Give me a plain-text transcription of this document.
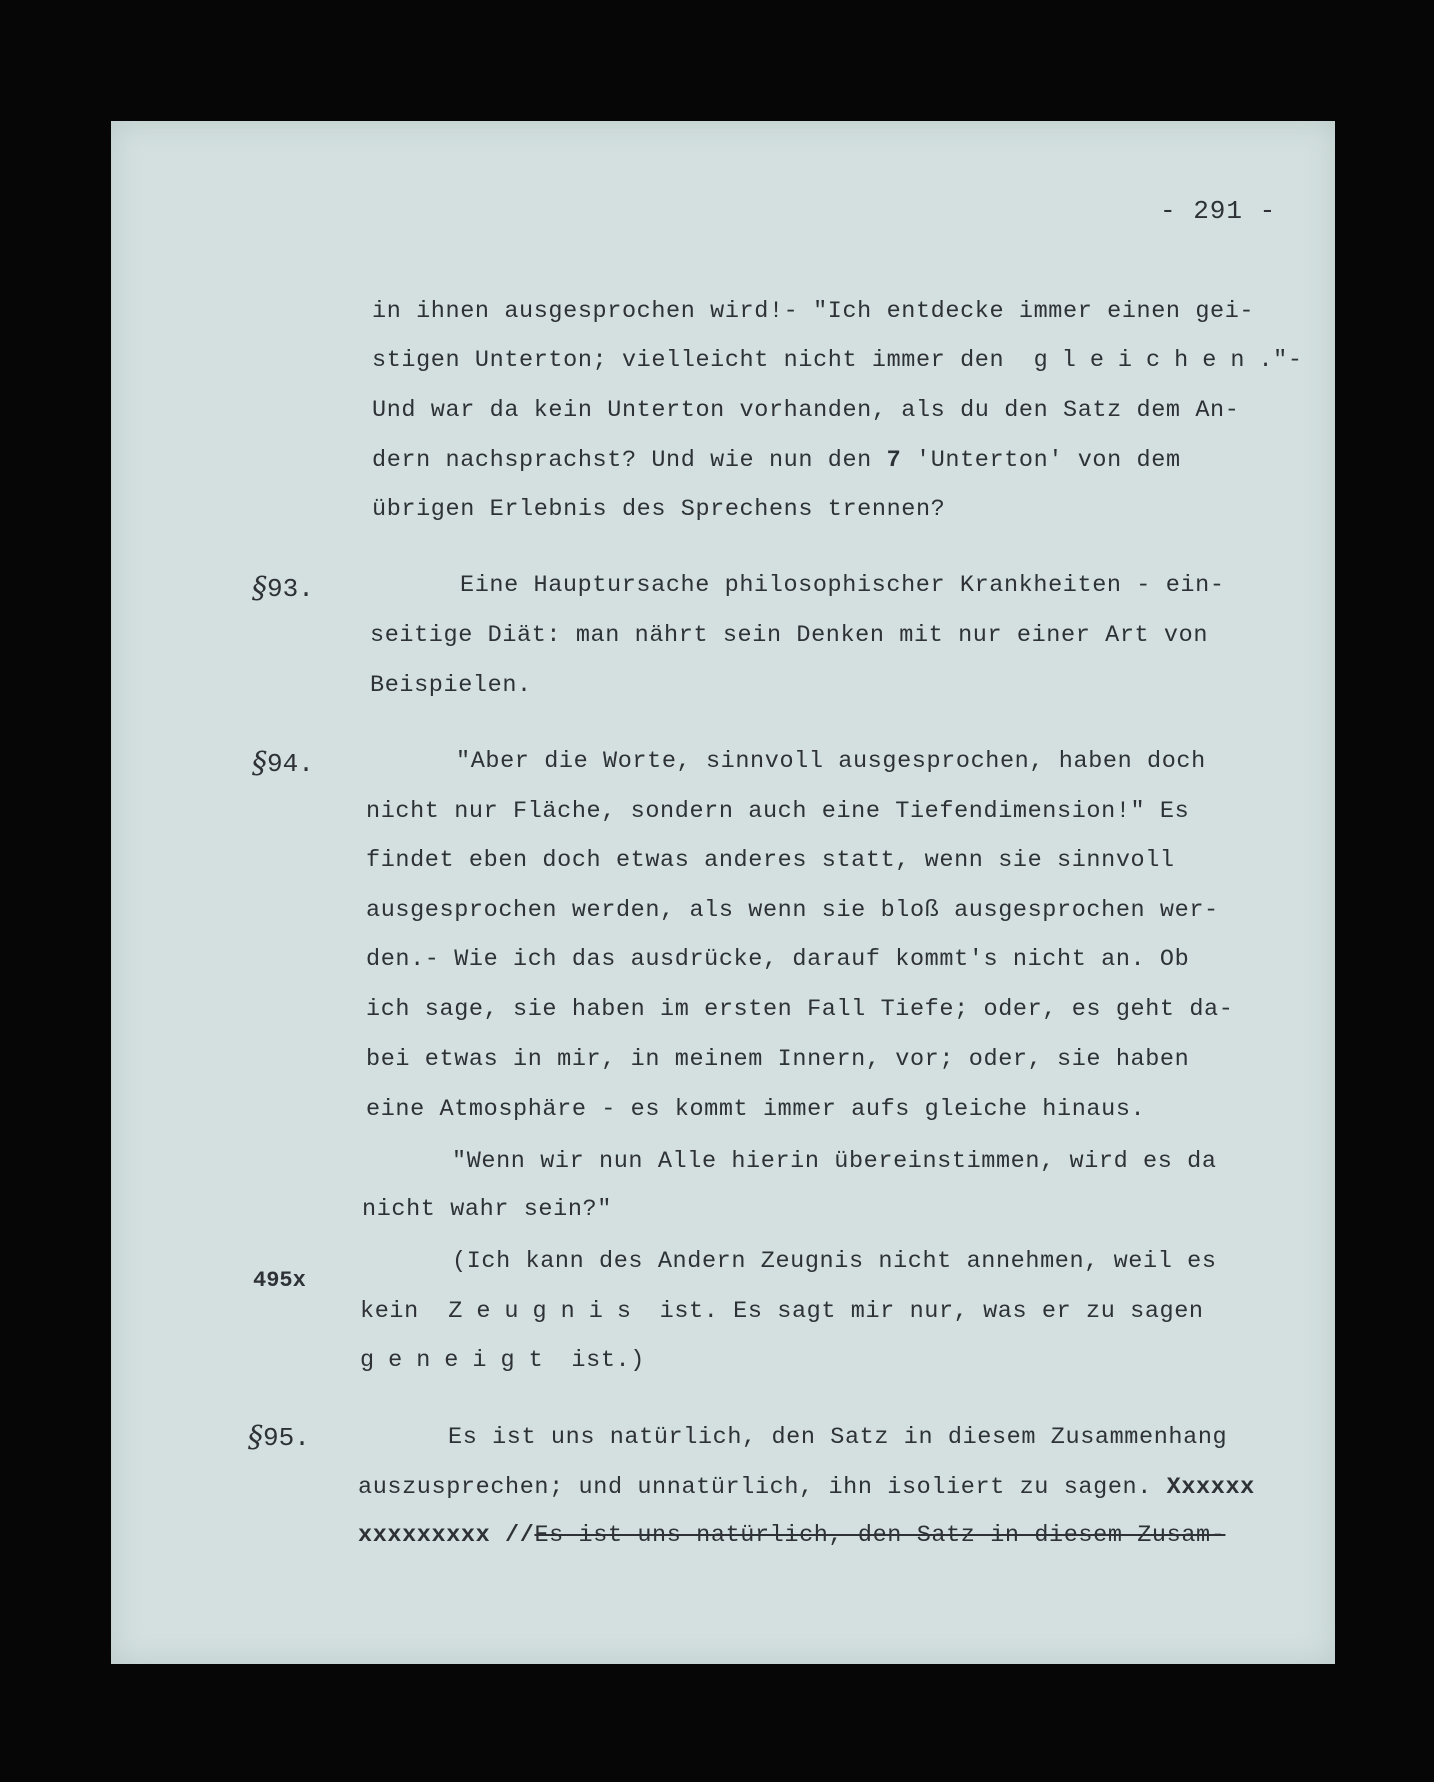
- 291 -
in ihnen ausgesprochen wird!- "Ich entdecke immer einen gei-
stigen Unterton; vielleicht nicht immer den gleichen."-
Und war da kein Unterton vorhanden, als du den Satz dem An-
dern nachsprachst? Und wie nun den 7 'Unterton' von dem
übrigen Erlebnis des Sprechens trennen?
§93.	Eine Hauptursache philosophischer Krankheiten - ein-
seitige Diät: man nährt sein Denken mit nur einer Art von
Beispielen.
§94.	"Aber die Worte, sinnvoll ausgesprochen, haben doch
nicht nur Fläche, sondern auch eine Tiefendimension!" Es
findet eben doch etwas anderes statt, wenn sie sinnvoll
ausgesprochen werden, als wenn sie bloß ausgesprochen wer-
den.- Wie ich das ausdrücke, darauf kommt's nicht an. Ob
ich sage, sie haben im ersten Fall Tiefe; oder, es geht da-
bei etwas in mir, in meinem Innern, vor; oder, sie haben
eine Atmosphäre - es kommt immer aufs gleiche hinaus.
"Wenn wir nun Alle hierin übereinstimmen, wird es da
nicht wahr sein?"
495x
(Ich kann des Andern Zeugnis nicht annehmen, weil es
kein Zeugnis ist. Es sagt mir nur, was er zu sagen
geneigt ist.)
§95.	Es ist uns natürlich, den Satz in diesem Zusammenhang
auszusprechen; und unnatürlich, ihn isoliert zu sagen. Xxxxxx
xxxxxxxxx //Es ist uns natürlich, den Satz in diesem Zusam-
